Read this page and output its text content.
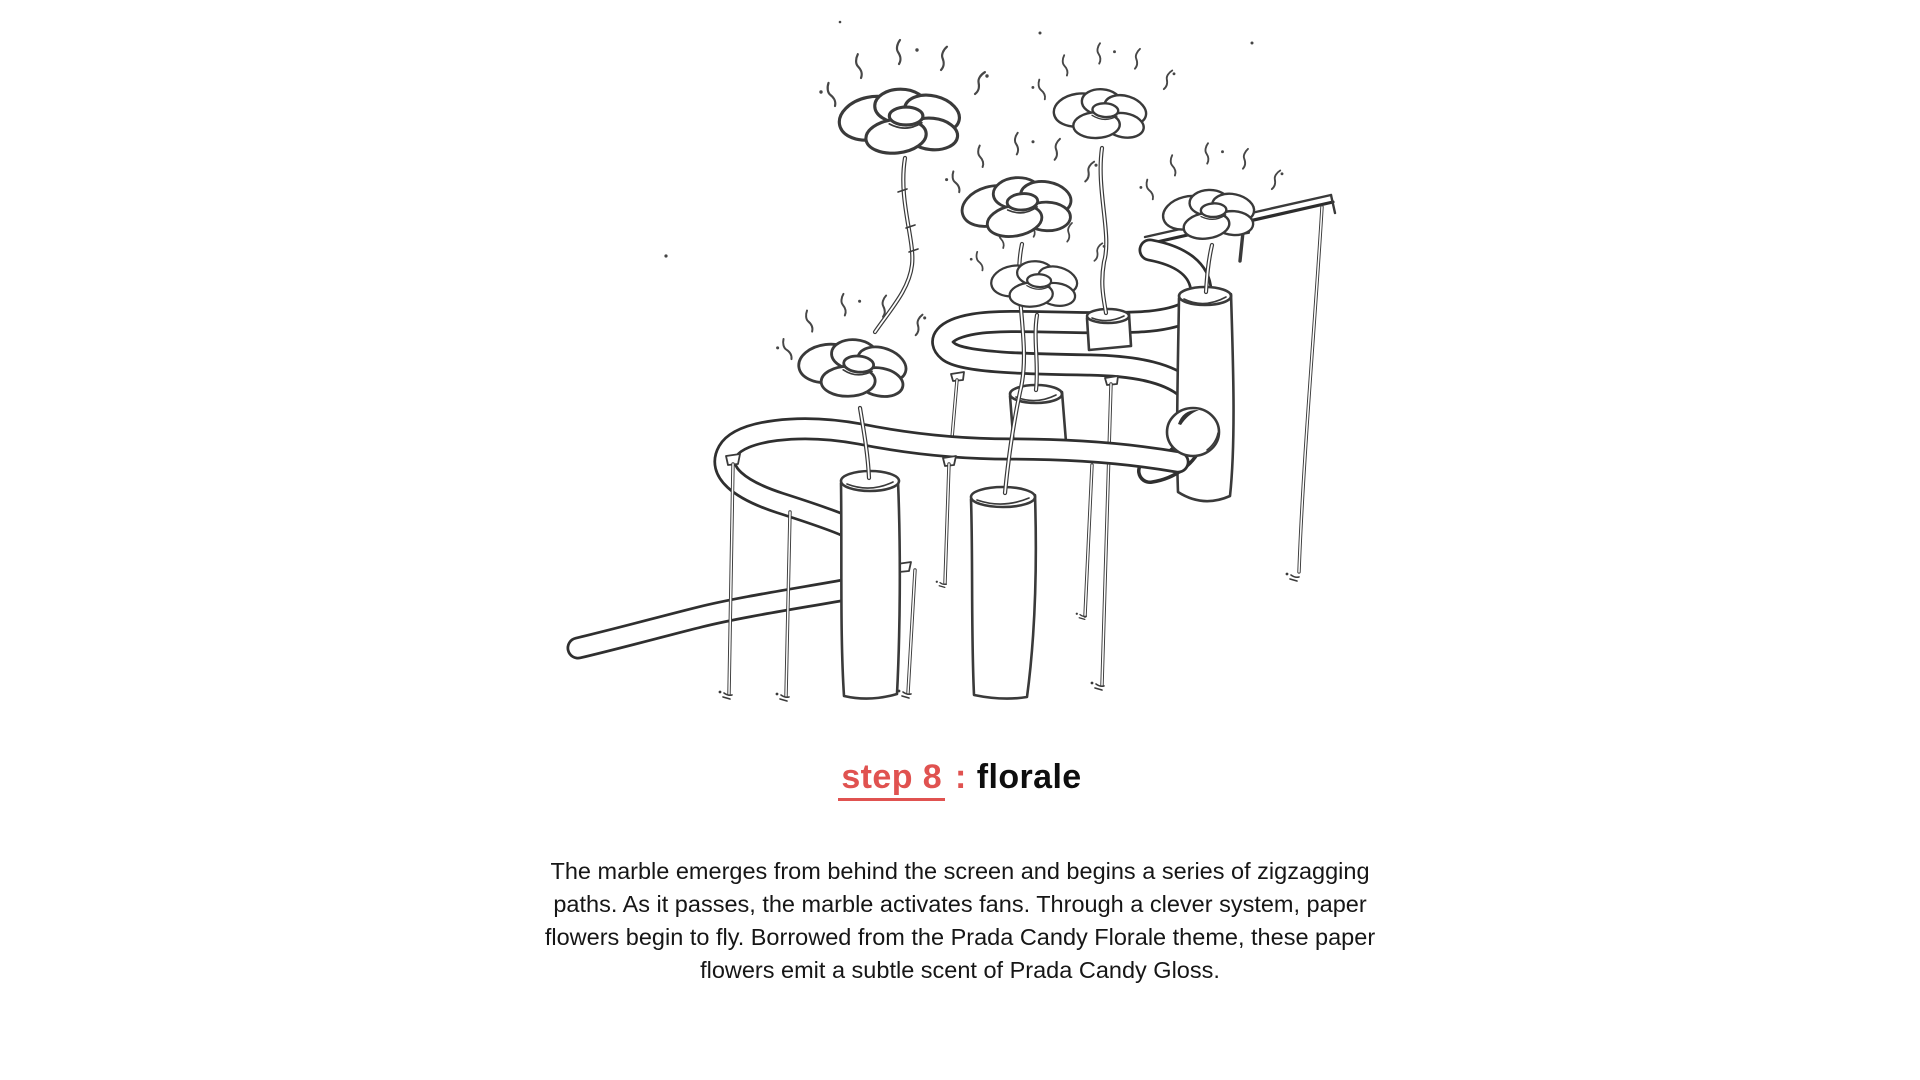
step 8 : florale
The marble emerges from behind the screen and begins a series of zigzagging
paths. As it passes, the marble activates fans. Through a clever system, paper
flowers begin to fly. Borrowed from the Prada Candy Florale theme, these paper
flowers emit a subtle scent of Prada Candy Gloss.
